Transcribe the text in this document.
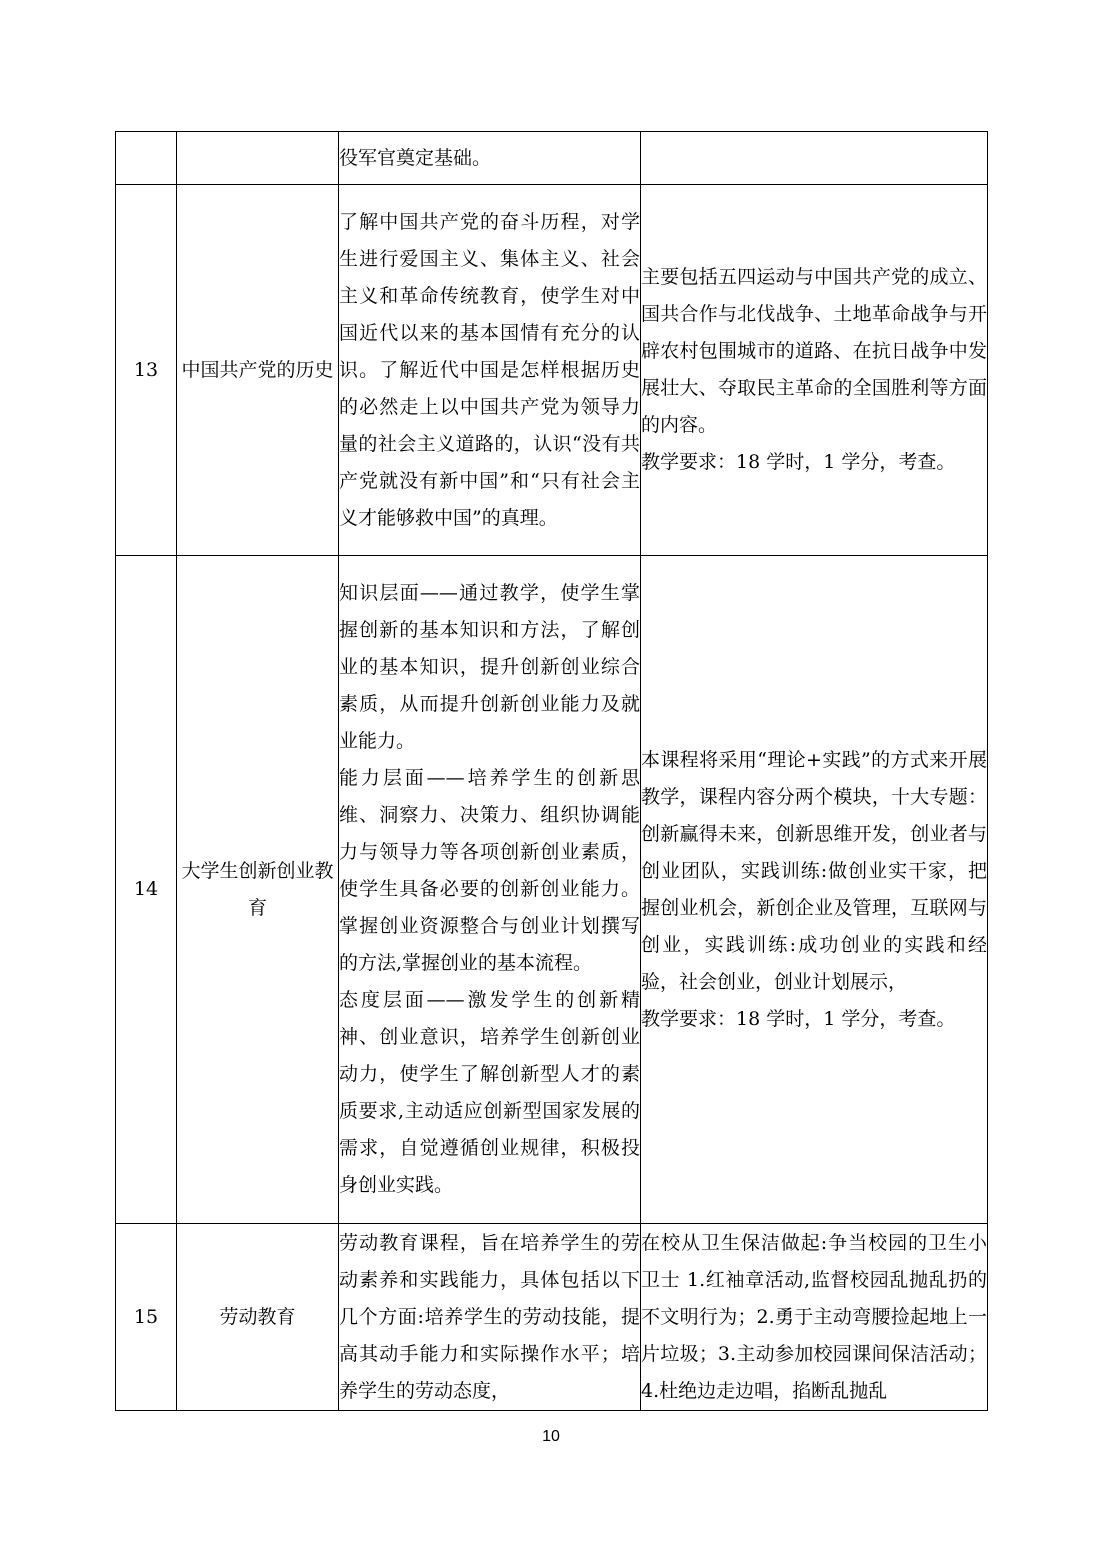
		役军官奠定基础。	

13	中国共产党的历史	了解中国共产党的奋斗历程，对学生进行爱国主义、集体主义、社会主义和革命传统教育，使学生对中国近代以来的基本国情有充分的认识。了解近代中国是怎样根据历史的必然走上以中国共产党为领导力量的社会主义道路的，认识“没有共产党就没有新中国”和“只有社会主义才能够救中国”的真理。	主要包括五四运动与中国共产党的成立、国共合作与北伐战争、土地革命战争与开辟农村包围城市的道路、在抗日战争中发展壮大、夺取民主革命的全国胜利等方面的内容。
教学要求：18 学时，1 学分，考查。

14	大学生创新创业教育	知识层面——通过教学，使学生掌握创新的基本知识和方法，了解创业的基本知识，提升创新创业综合素质，从而提升创新创业能力及就业能力。
能力层面——培养学生的创新思维、洞察力、决策力、组织协调能力与领导力等各项创新创业素质，使学生具备必要的创新创业能力。掌握创业资源整合与创业计划撰写的方法,掌握创业的基本流程。
态度层面——激发学生的创新精神、创业意识，培养学生创新创业动力，使学生了解创新型人才的素质要求,主动适应创新型国家发展的需求，自觉遵循创业规律，积极投身创业实践。	本课程将采用“理论+实践”的方式来开展教学，课程内容分两个模块，十大专题：创新赢得未来，创新思维开发，创业者与创业团队，实践训练:做创业实干家，把握创业机会，新创企业及管理，互联网与创业，实践训练:成功创业的实践和经验，社会创业，创业计划展示，
教学要求：18 学时，1 学分，考查。

15	劳动教育	劳动教育课程，旨在培养学生的劳动素养和实践能力，具体包括以下几个方面:培养学生的劳动技能，提高其动手能力和实际操作水平；培养学生的劳动态度，	在校从卫生保洁做起:争当校园的卫生小卫士 1.红袖章活动,监督校园乱抛乱扔的不文明行为；2.勇于主动弯腰捡起地上一片垃圾；3.主动参加校园课间保洁活动；4.杜绝边走边唱，掐断乱抛乱
10
